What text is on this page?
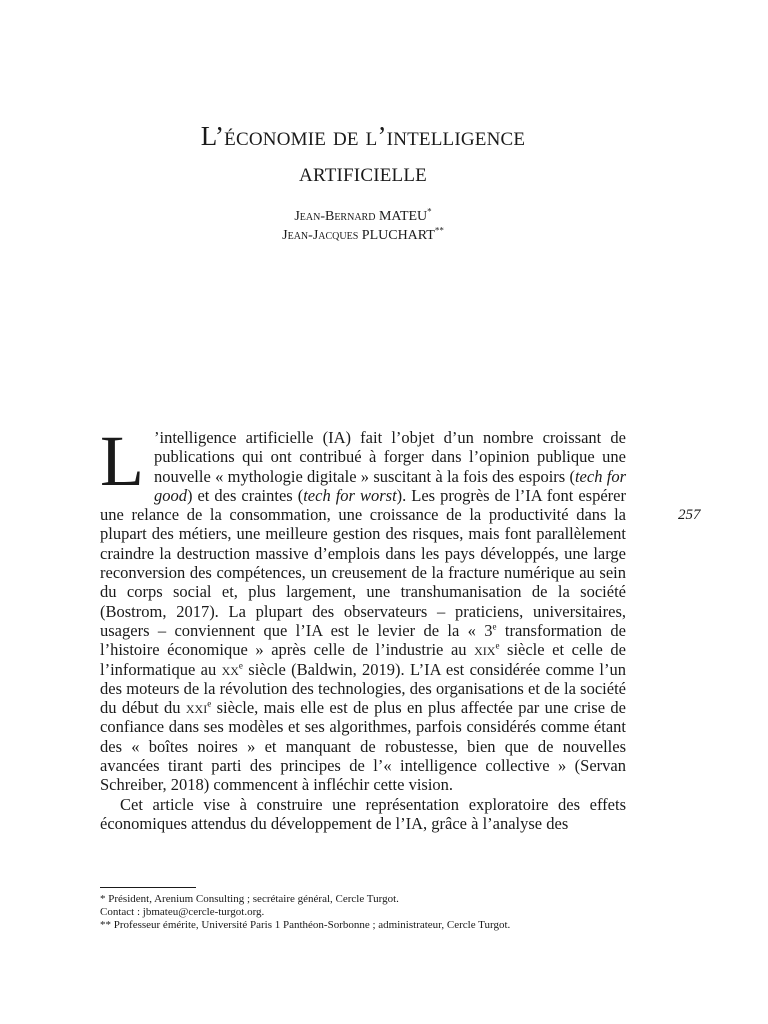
L’économie de l’intelligence
artificielle
Jean-Bernard MATEU*
Jean-Jacques PLUCHART**
257

L ’intelligence artificielle (IA) fait l’objet d’un nombre croissant de publications qui ont contribué à forger dans l’opinion publique une nouvelle « mythologie digitale » suscitant à la fois des espoirs (tech for good) et des craintes (tech for worst). Les progrès de l’IA font espérer une relance de la consommation, une croissance de la productivité dans la plupart des métiers, une meilleure gestion des risques, mais font parallèlement craindre la destruction massive d’emplois dans les pays développés, une large reconversion des compétences, un creusement de la fracture numérique au sein du corps social et, plus largement, une transhumanisation de la société (Bostrom, 2017). La plupart des observateurs – praticiens, universitaires, usagers – conviennent que l’IA est le levier de la « 3e transformation de l’histoire économique » après celle de l’industrie au xix$^e$ siècle et celle de l’informatique au $xx^e$ siècle (Baldwin, 2019). L’IA est considérée comme l’un des moteurs de la révolution des technologies, des organisations et de la société du début du xxi$^e$ siècle, mais elle est de plus en plus affectée par une crise de confiance dans ses modèles et ses algorithmes, parfois considérés comme étant des « boîtes noires » et manquant de robustesse, bien que de nouvelles avancées tirant parti des principes de l’« intelligence collective » (Servan Schreiber, 2018) commencent à infléchir cette vision.

Cet article vise à construire une représentation exploratoire des effets économiques attendus du développement de l’IA, grâce à l’analyse des

* Président, Arenium Consulting ; secrétaire général, Cercle Turgot.
Contact : jbmateu@cercle-turgot.org.
** Professeur émérite, Université Paris 1 Panthéon-Sorbonne ; administrateur, Cercle Turgot.
